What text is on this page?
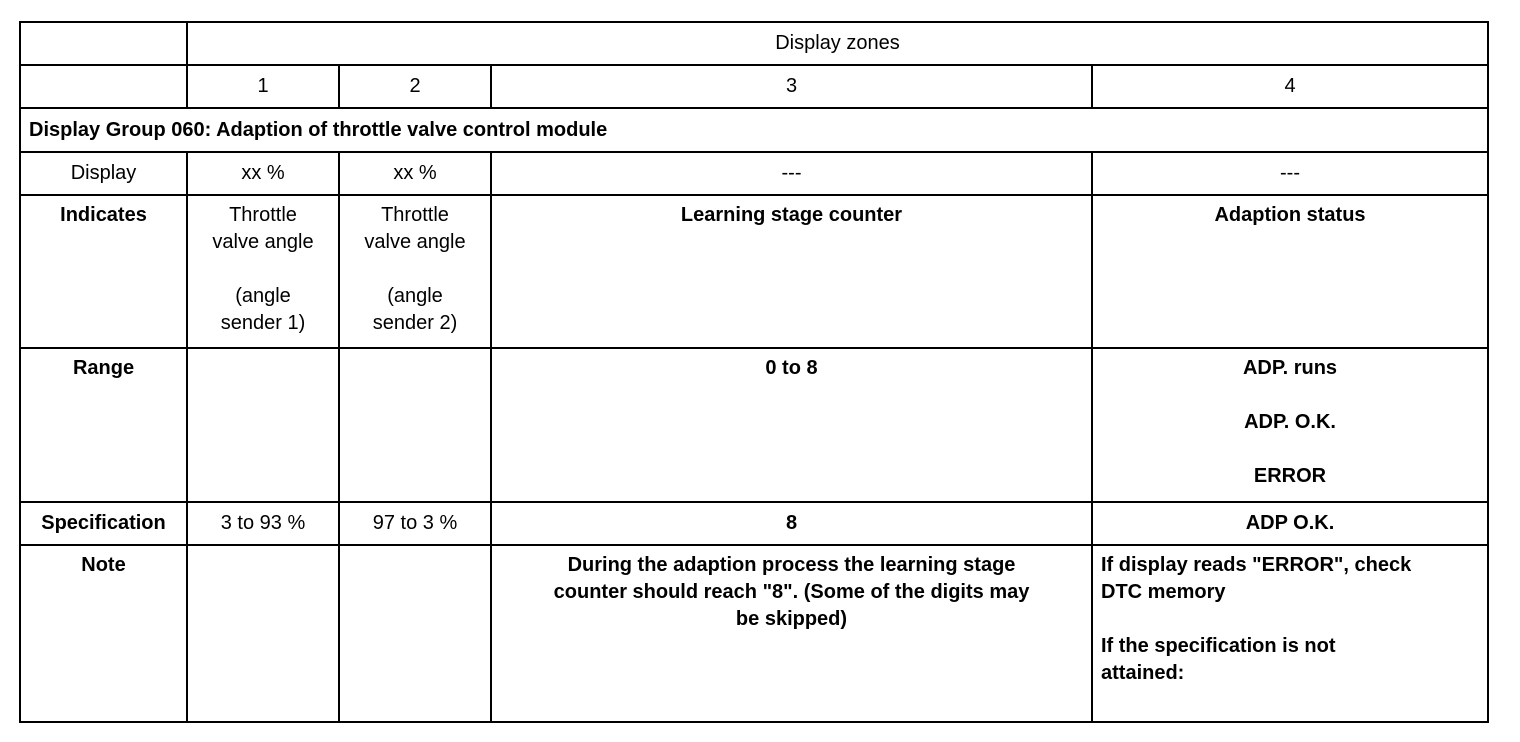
	Display zones			
	1	2	3	4
Display Group 060: Adaption of throttle valve control module				
Display	xx %	xx %	---	---
Indicates	Throttle
valve angle
(angle
sender 1)	Throttle
valve angle
(angle
sender 2)	Learning stage counter	Adaption status
Range			0 to 8	ADP. runs
ADP. O.K.
ERROR

Specification	3 to 93 %	97 to 3 %	8	ADP O.K.
Note			During the adaption process the learning stage
counter should reach "8". (Some of the digits may
be skipped)	If display reads "ERROR", check
DTC memory
If the specification is not
attained:
